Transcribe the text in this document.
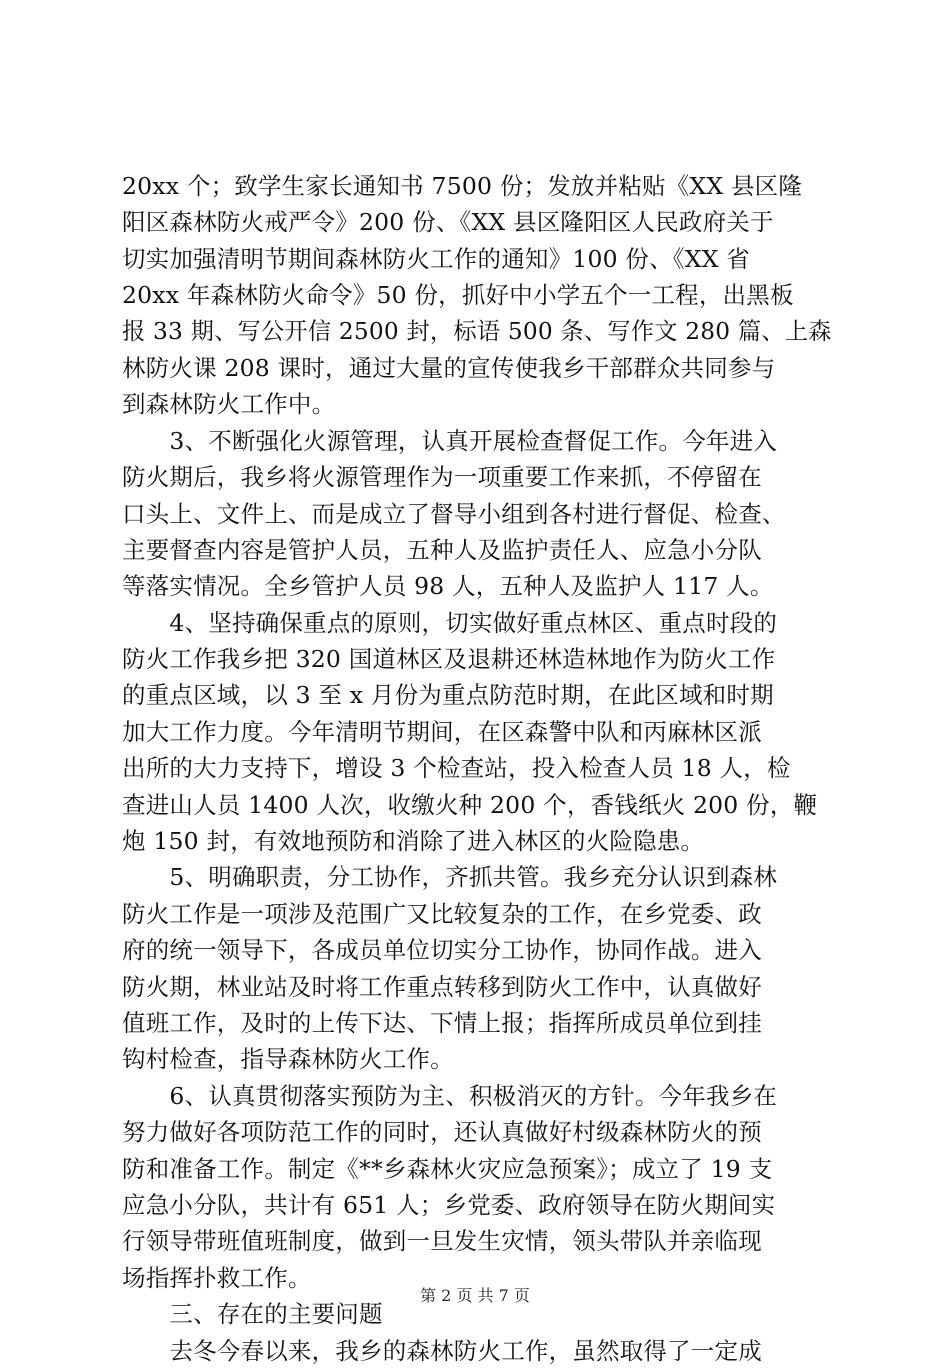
20xx 个；致学生家长通知书 7500 份；发放并粘贴《XX 县区隆
阳区森林防火戒严令》200 份、《XX 县区隆阳区人民政府关于
切实加强清明节期间森林防火工作的通知》100 份、《XX 省
20xx 年森林防火命令》50 份，抓好中小学五个一工程，出黑板
报 33 期、写公开信 2500 封，标语 500 条、写作文 280 篇、上森
林防火课 208 课时，通过大量的宣传使我乡干部群众共同参与
到森林防火工作中。
　　3、不断强化火源管理，认真开展检查督促工作。今年进入
防火期后，我乡将火源管理作为一项重要工作来抓，不停留在
口头上、文件上、而是成立了督导小组到各村进行督促、检查、
主要督查内容是管护人员，五种人及监护责任人、应急小分队
等落实情况。全乡管护人员 98 人，五种人及监护人 117 人。
　　4、坚持确保重点的原则，切实做好重点林区、重点时段的
防火工作我乡把 320 国道林区及退耕还林造林地作为防火工作
的重点区域，以 3 至 x 月份为重点防范时期，在此区域和时期
加大工作力度。今年清明节期间，在区森警中队和丙麻林区派
出所的大力支持下，增设 3 个检查站，投入检查人员 18 人，检
查进山人员 1400 人次，收缴火种 200 个，香钱纸火 200 份，鞭
炮 150 封，有效地预防和消除了进入林区的火险隐患。
　　5、明确职责，分工协作，齐抓共管。我乡充分认识到森林
防火工作是一项涉及范围广又比较复杂的工作，在乡党委、政
府的统一领导下，各成员单位切实分工协作，协同作战。进入
防火期，林业站及时将工作重点转移到防火工作中，认真做好
值班工作，及时的上传下达、下情上报；指挥所成员单位到挂
钩村检查，指导森林防火工作。
　　6、认真贯彻落实预防为主、积极消灭的方针。今年我乡在
努力做好各项防范工作的同时，还认真做好村级森林防火的预
防和准备工作。制定《**乡森林火灾应急预案》；成立了 19 支
应急小分队，共计有 651 人；乡党委、政府领导在防火期间实
行领导带班值班制度，做到一旦发生灾情，领头带队并亲临现
场指挥扑救工作。
　　三、存在的主要问题
　　去冬今春以来，我乡的森林防火工作，虽然取得了一定成
第 2 页 共 7 页
